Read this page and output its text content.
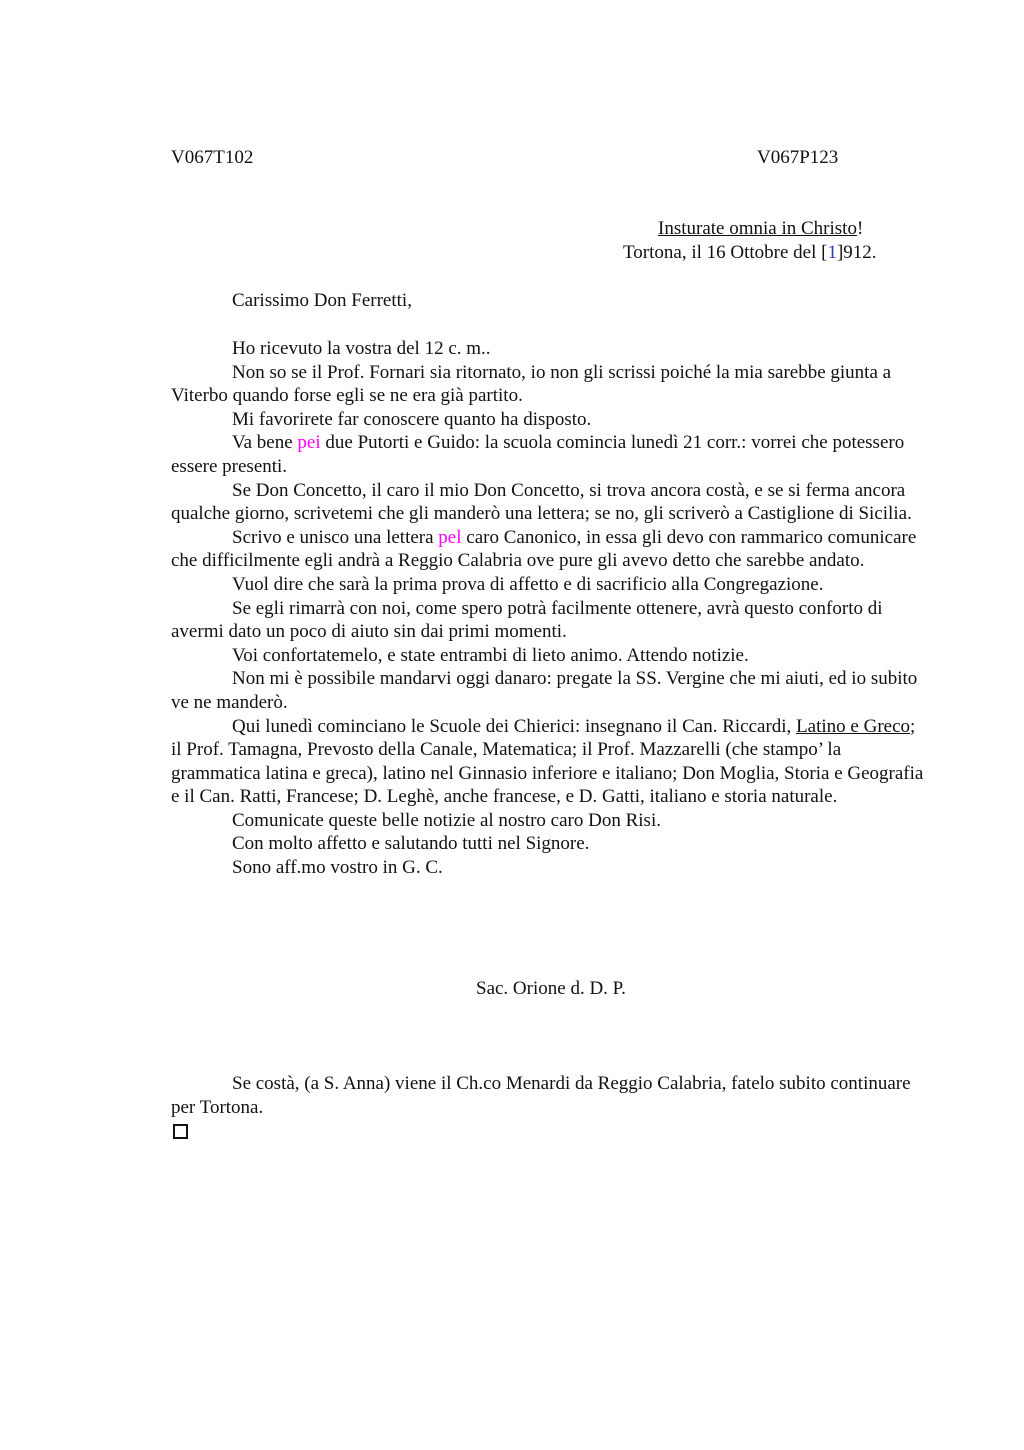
V067T102	V067P123
Insturate omnia in Christo!
Tortona, il 16 Ottobre del [1]912.
Carissimo Don Ferretti,

Ho ricevuto la vostra del 12 c. m..

Non so se il Prof. Fornari sia ritornato, io non gli scrissi poiché la mia sarebbe giunta a Viterbo quando forse egli se ne era già partito.

Mi favorirete far conoscere quanto ha disposto.

Va bene pei due Putorti e Guido: la scuola comincia lunedì 21 corr.: vorrei che potessero essere presenti.

Se Don Concetto, il caro il mio Don Concetto, si trova ancora costà, e se si ferma ancora qualche giorno, scrivetemi che gli manderò una lettera; se no, gli scriverò a Castiglione di Sicilia.

Scrivo e unisco una lettera pel caro Canonico, in essa gli devo con rammarico comunicare che difficilmente egli andrà a Reggio Calabria ove pure gli avevo detto che sarebbe andato.

Vuol dire che sarà la prima prova di affetto e di sacrificio alla Congregazione.

Se egli rimarrà con noi, come spero potrà facilmente ottenere, avrà questo conforto di avermi dato un poco di aiuto sin dai primi momenti.

Voi confortatemelo, e state entrambi di lieto animo. Attendo notizie.

Non mi è possibile mandarvi oggi danaro: pregate la SS. Vergine che mi aiuti, ed io subito ve ne manderò.

Qui lunedì cominciano le Scuole dei Chierici: insegnano il Can. Riccardi, Latino e Greco; il Prof. Tamagna, Prevosto della Canale, Matematica; il Prof. Mazzarelli (che stampo’ la grammatica latina e greca), latino nel Ginnasio inferiore e italiano; Don Moglia, Storia e Geografia e il Can. Ratti, Francese; D. Leghè, anche francese, e D. Gatti, italiano e storia naturale.

Comunicate queste belle notizie al nostro caro Don Risi.

Con molto affetto e salutando tutti nel Signore.

Sono aff.mo vostro in G. C.

Sac. Orione d. D. P.

Se costà, (a S. Anna) viene il Ch.co Menardi da Reggio Calabria, fatelo subito continuare per Tortona.
